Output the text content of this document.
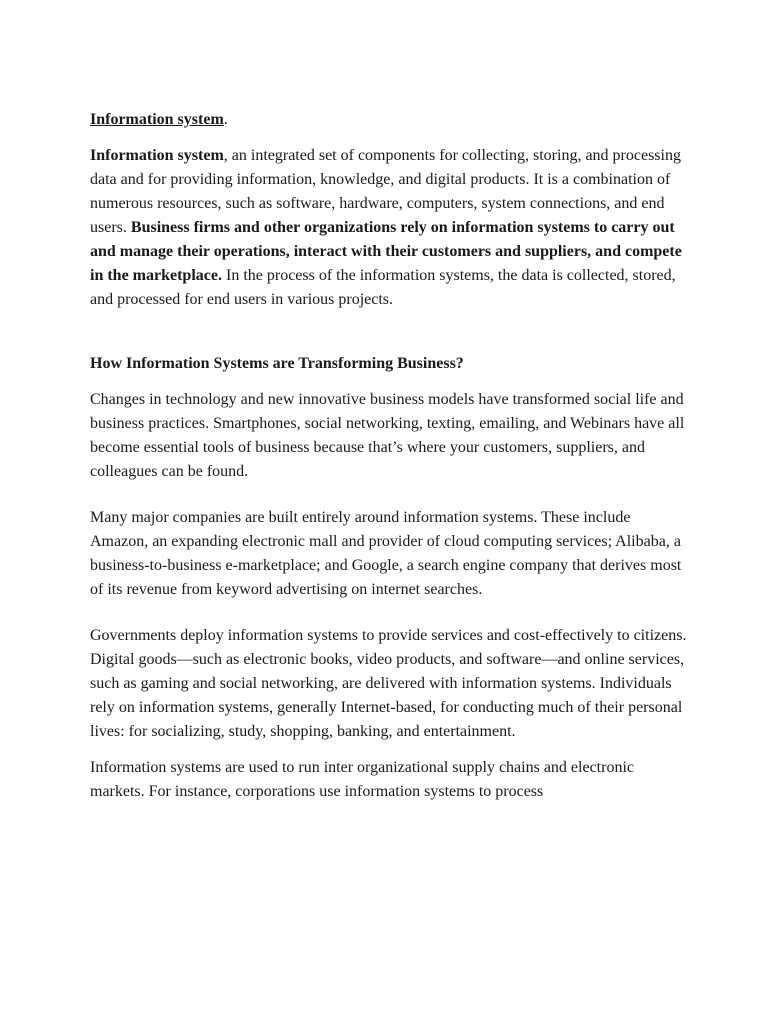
Information system.

Information system, an integrated set of components for collecting, storing, and processing data and for providing information, knowledge, and digital products. It is a combination of numerous resources, such as software, hardware, computers, system connections, and end users. Business firms and other organizations rely on information systems to carry out and manage their operations, interact with their customers and suppliers, and compete in the marketplace. In the process of the information systems, the data is collected, stored, and processed for end users in various projects.

How Information Systems are Transforming Business?

Changes in technology and new innovative business models have transformed social life and business practices. Smartphones, social networking, texting, emailing, and Webinars have all become essential tools of business because that’s where your customers, suppliers, and colleagues can be found.

Many major companies are built entirely around information systems. These include Amazon, an expanding electronic mall and provider of cloud computing services; Alibaba, a business-to-business e-marketplace; and Google, a search engine company that derives most of its revenue from keyword advertising on internet searches.

Governments deploy information systems to provide services and cost-effectively to citizens. Digital goods—such as electronic books, video products, and software—and online services, such as gaming and social networking, are delivered with information systems. Individuals rely on information systems, generally Internet-based, for conducting much of their personal lives: for socializing, study, shopping, banking, and entertainment.

Information systems are used to run inter organizational supply chains and electronic markets. For instance, corporations use information systems to process
